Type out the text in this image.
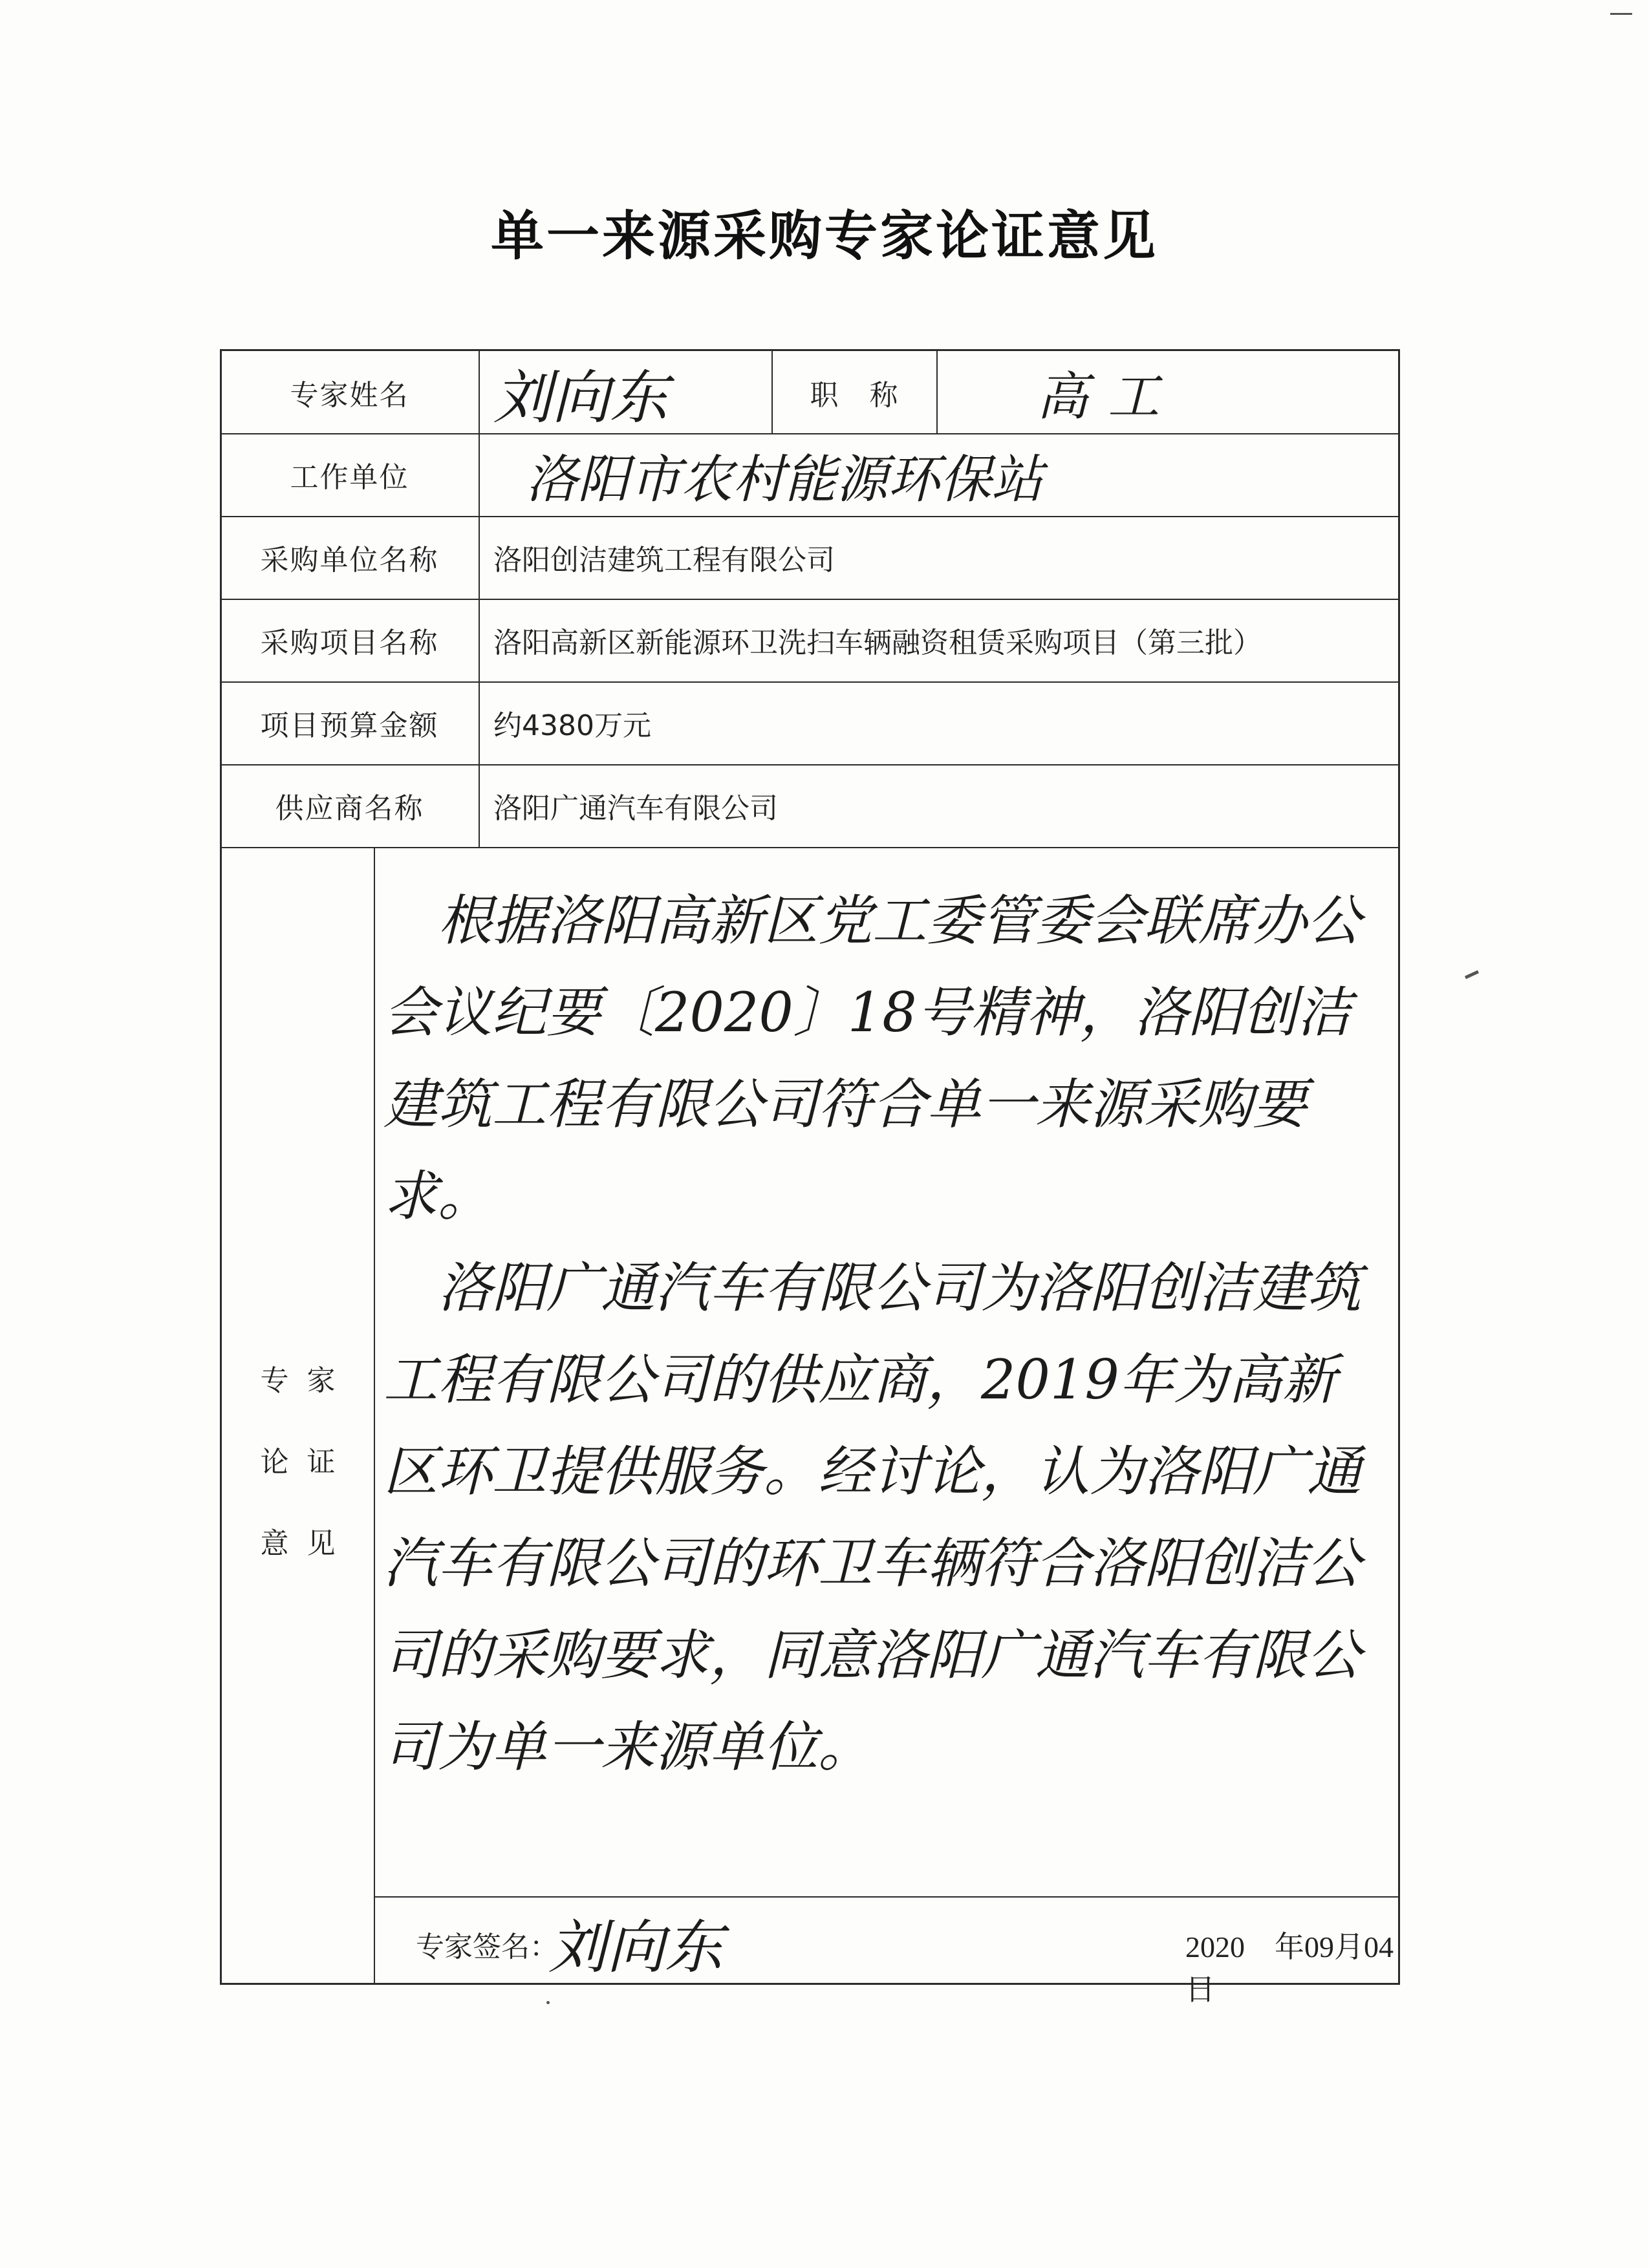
单一来源采购专家论证意见
专家姓名	刘向东	职　称	高工
工作单位	洛阳市农村能源环保站
采购单位名称	洛阳创洁建筑工程有限公司
采购项目名称	洛阳高新区新能源环卫洗扫车辆融资租赁采购项目（第三批）
项目预算金额	约4380万元
供应商名称	洛阳广通汽车有限公司
专家
论证
意见
　根据洛阳高新区党工委管委会联席办公会议纪要〔2020〕18号精神，洛阳创洁建筑工程有限公司符合单一来源采购要求。
　洛阳广通汽车有限公司为洛阳创洁建筑工程有限公司的供应商，2019年为高新区环卫提供服务。经讨论，认为洛阳广通汽车有限公司的环卫车辆符合洛阳创洁公司的采购要求，同意洛阳广通汽车有限公司为单一来源单位。
专家签名：
刘向东	2020　年09月04日
